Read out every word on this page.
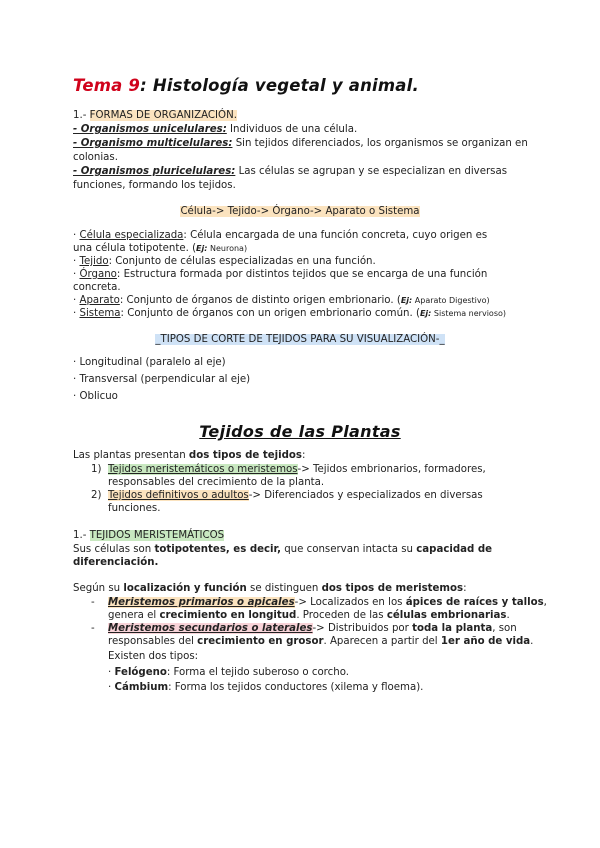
Tema 9: Histología vegetal y animal.
1.- FORMAS DE ORGANIZACIÓN.
- Organismos unicelulares: Individuos de una célula.
- Organismo multicelulares: Sin tejidos diferenciados, los organismos se organizan en
colonias.
- Organismos pluricelulares: Las células se agrupan y se especializan en diversas
funciones, formando los tejidos.
Célula-> Tejido-> Órgano-> Aparato o Sistema
· Célula especializada: Célula encargada de una función concreta, cuyo origen es
una célula totipotente. (Ej: Neurona)
· Tejido: Conjunto de células especializadas en una función.
· Órgano: Estructura formada por distintos tejidos que se encarga de una función
concreta.
· Aparato: Conjunto de órganos de distinto origen embrionario. (Ej: Aparato Digestivo)
· Sistema: Conjunto de órganos con un origen embrionario común. (Ej: Sistema nervioso)
_TIPOS DE CORTE DE TEJIDOS PARA SU VISUALIZACIÓN-_
· Longitudinal (paralelo al eje)
· Transversal (perpendicular al eje)
· Oblicuo
Tejidos de las Plantas
Las plantas presentan dos tipos de tejidos:
1) Tejidos meristemáticos o meristemos-> Tejidos embrionarios, formadores,
responsables del crecimiento de la planta.
2) Tejidos definitivos o adultos-> Diferenciados y especializados en diversas
funciones.
1.- TEJIDOS MERISTEMÁTICOS
Sus células son totipotentes, es decir, que conservan intacta su capacidad de
diferenciación.
Según su localización y función se distinguen dos tipos de meristemos:
- Meristemos primarios o apicales-> Localizados en los ápices de raíces y tallos,
genera el crecimiento en longitud. Proceden de las células embrionarias.
- Meristemos secundarios o laterales-> Distribuidos por toda la planta, son
responsables del crecimiento en grosor. Aparecen a partir del 1er año de vida.
Existen dos tipos:
· Felógeno: Forma el tejido suberoso o corcho.
· Cámbium: Forma los tejidos conductores (xilema y floema).
